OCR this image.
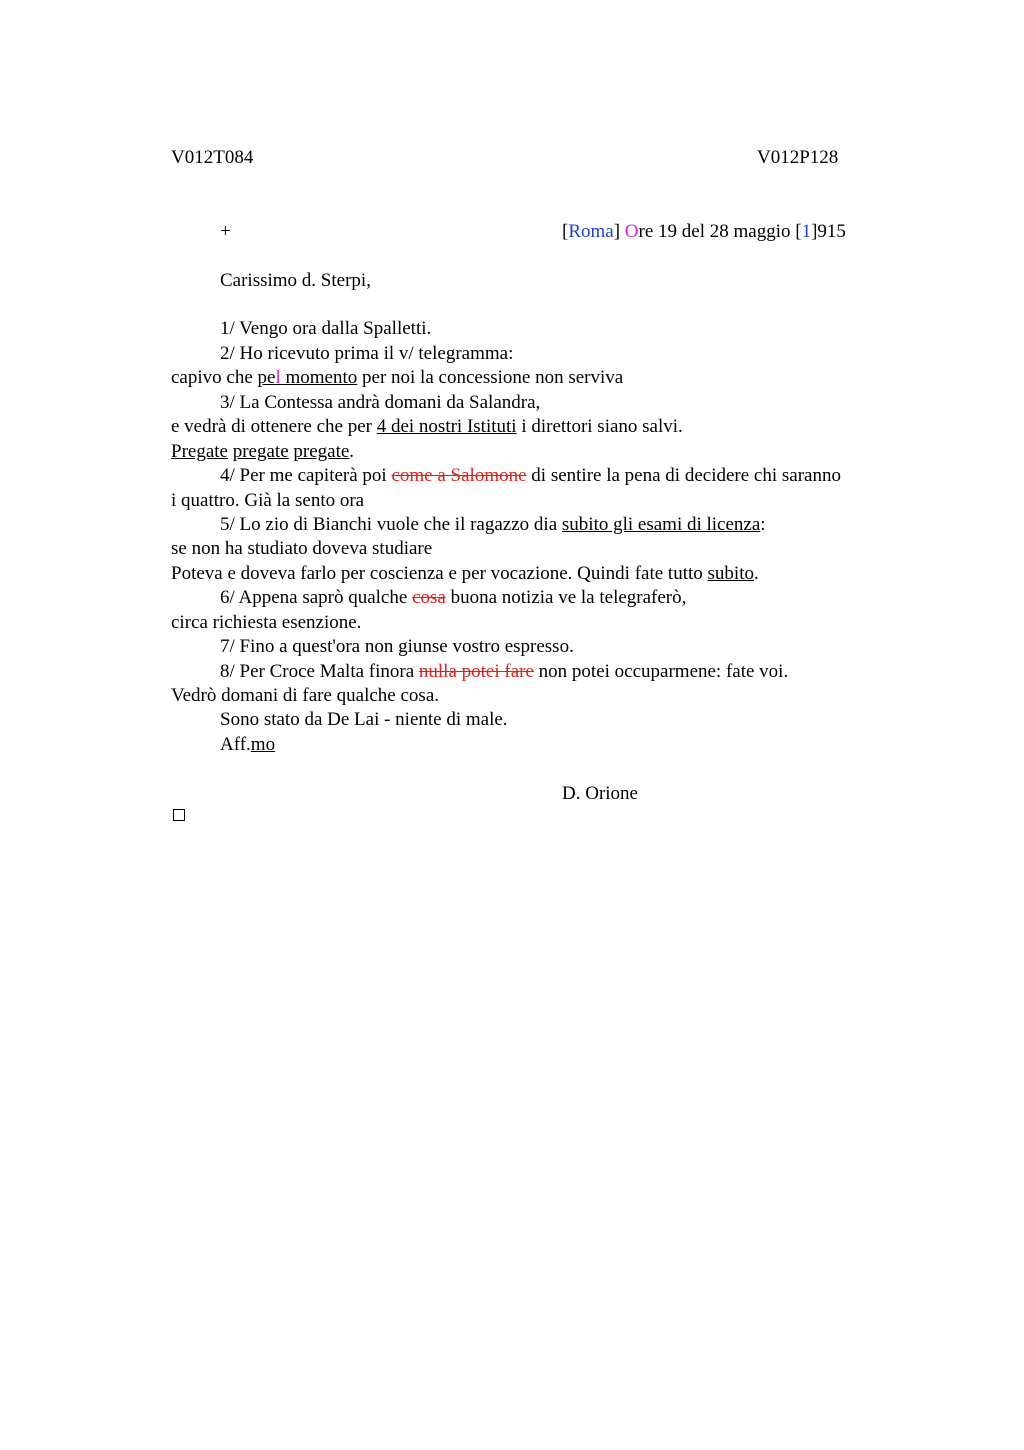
V012T084	V012P128
+	[Roma] Ore 19 del 28 maggio [1]915
Carissimo d. Sterpi,
1/ Vengo ora dalla Spalletti.
2/ Ho ricevuto prima il v/ telegramma:
capivo che pel momento per noi la concessione non serviva
3/ La Contessa andrà domani da Salandra,
e vedrà di ottenere che per 4 dei nostri Istituti i direttori siano salvi.
Pregate pregate pregate.
4/ Per me capiterà poi come a Salomone di sentire la pena di decidere chi saranno
i quattro. Già la sento ora
5/ Lo zio di Bianchi vuole che il ragazzo dia subito gli esami di licenza:
se non ha studiato doveva studiare
Poteva e doveva farlo per coscienza e per vocazione. Quindi fate tutto subito.
6/ Appena saprò qualche cosa buona notizia ve la telegraferò,
circa richiesta esenzione.
7/ Fino a quest'ora non giunse vostro espresso.
8/ Per Croce Malta finora nulla potei fare non potei occuparmene: fate voi.
Vedrò domani di fare qualche cosa.
Sono stato da De Lai - niente di male.
Aff.mo
D. Orione
